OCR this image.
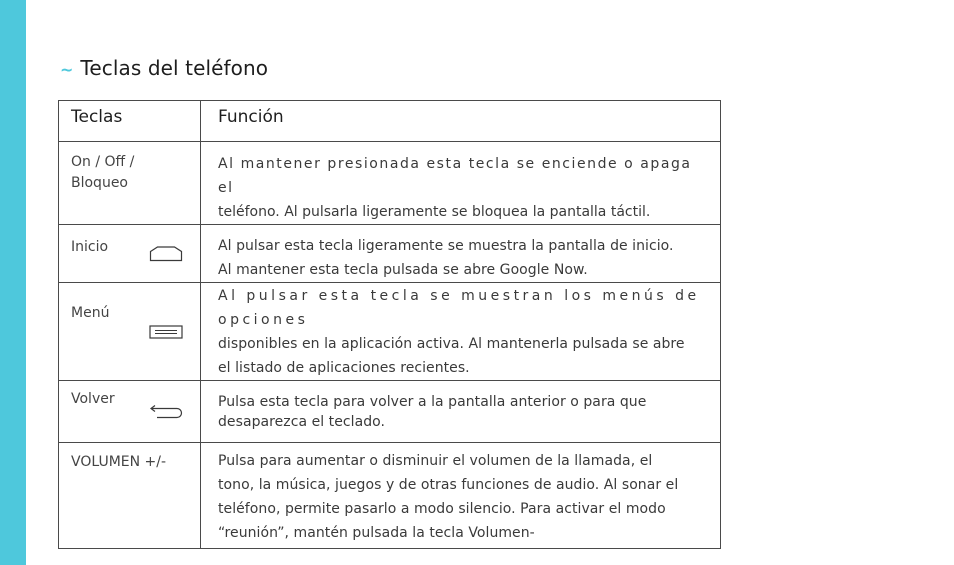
~ Teclas del teléfono
Teclas	Función
On / Off /
Bloqueo	Al mantener presionada esta tecla se enciende o apaga el
teléfono. Al pulsarla ligeramente se bloquea la pantalla táctil.
Inicio	Al pulsar esta tecla ligeramente se muestra la pantalla de inicio.
Al mantener esta tecla pulsada se abre Google Now.
Menú	Al pulsar esta tecla se muestran los menús de opciones
disponibles en la aplicación activa. Al mantenerla pulsada se abre
el listado de aplicaciones recientes.
Volver	Pulsa esta tecla para volver a la pantalla anterior o para que
desaparezca el teclado.
VOLUMEN +/-	Pulsa para aumentar o disminuir el volumen de la llamada, el
tono, la música, juegos y de otras funciones de audio. Al sonar el
teléfono, permite pasarlo a modo silencio. Para activar el modo
“reunión”, mantén pulsada la tecla Volumen-
